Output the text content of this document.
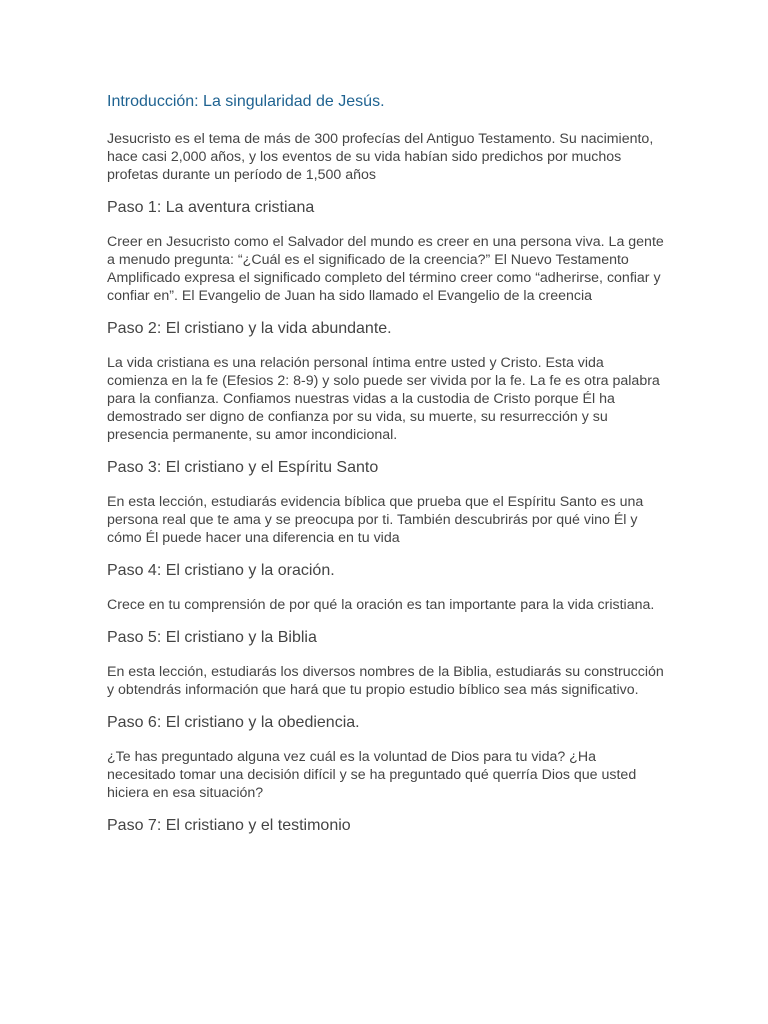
Introducción: La singularidad de Jesús.

Jesucristo es el tema de más de 300 profecías del Antiguo Testamento. Su nacimiento, hace casi 2,000 años, y los eventos de su vida habían sido predichos por muchos profetas durante un período de 1,500 años

Paso 1: La aventura cristiana

Creer en Jesucristo como el Salvador del mundo es creer en una persona viva. La gente a menudo pregunta: “¿Cuál es el significado de la creencia?” El Nuevo Testamento Amplificado expresa el significado completo del término creer como “adherirse, confiar y confiar en”. El Evangelio de Juan ha sido llamado el Evangelio de la creencia

Paso 2: El cristiano y la vida abundante.

La vida cristiana es una relación personal íntima entre usted y Cristo. Esta vida comienza en la fe (Efesios 2: 8-9) y solo puede ser vivida por la fe. La fe es otra palabra para la confianza. Confiamos nuestras vidas a la custodia de Cristo porque Él ha demostrado ser digno de confianza por su vida, su muerte, su resurrección y su presencia permanente, su amor incondicional.

Paso 3: El cristiano y el Espíritu Santo

En esta lección, estudiarás evidencia bíblica que prueba que el Espíritu Santo es una persona real que te ama y se preocupa por ti. También descubrirás por qué vino Él y cómo Él puede hacer una diferencia en tu vida

Paso 4: El cristiano y la oración.

Crece en tu comprensión de por qué la oración es tan importante para la vida cristiana.

Paso 5: El cristiano y la Biblia

En esta lección, estudiarás los diversos nombres de la Biblia, estudiarás su construcción y obtendrás información que hará que tu propio estudio bíblico sea más significativo.

Paso 6: El cristiano y la obediencia.

¿Te has preguntado alguna vez cuál es la voluntad de Dios para tu vida? ¿Ha necesitado tomar una decisión difícil y se ha preguntado qué querría Dios que usted hiciera en esa situación?

Paso 7: El cristiano y el testimonio
